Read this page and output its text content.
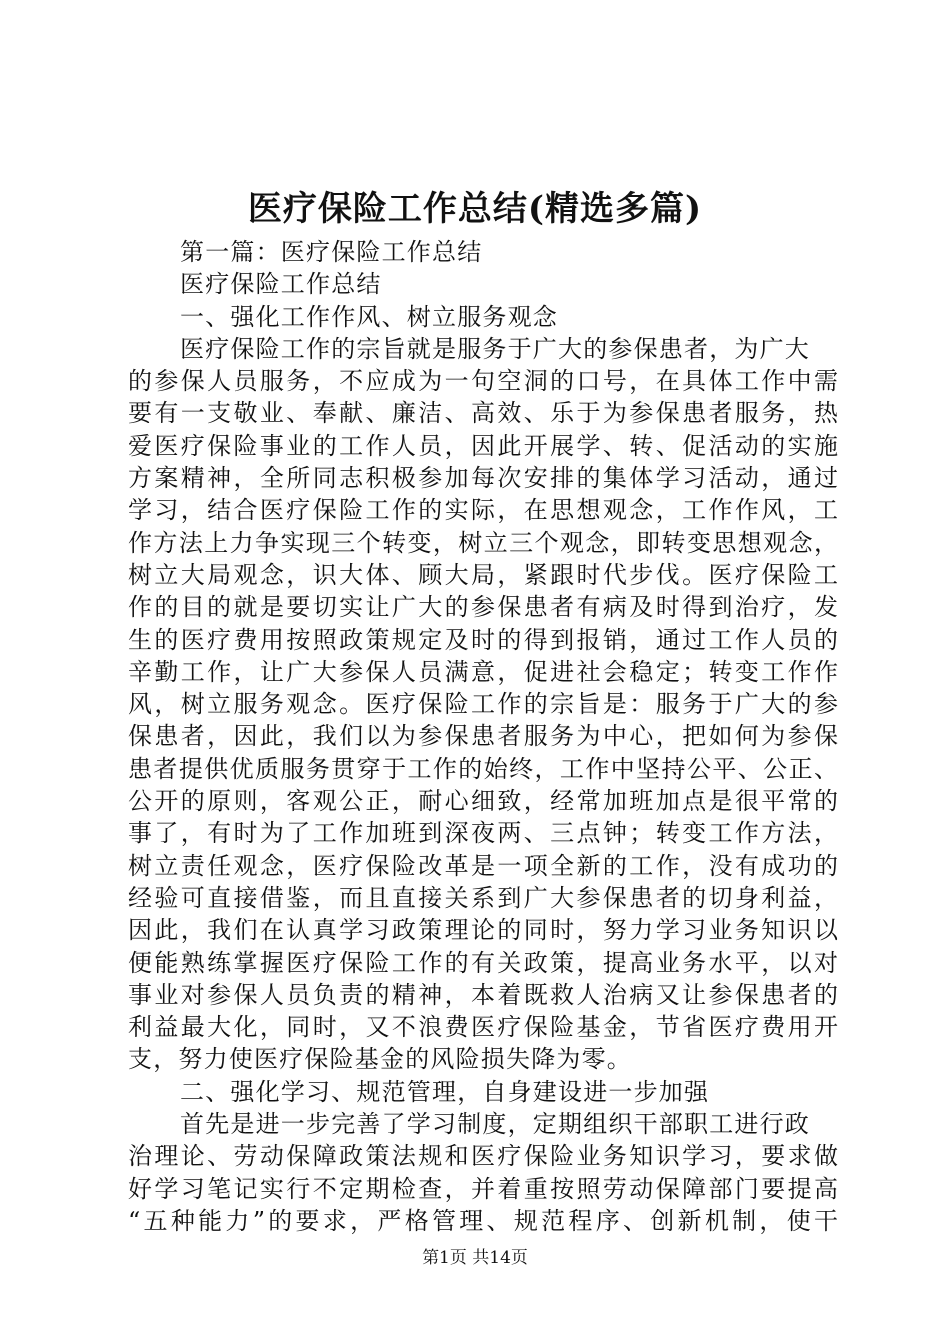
医疗保险工作总结(精选多篇)
第一篇：医疗保险工作总结
医疗保险工作总结
一、强化工作作风、树立服务观念
医疗保险工作的宗旨就是服务于广大的参保患者，为广大
的参保人员服务，不应成为一句空洞的口号，在具体工作中需
要有一支敬业、奉献、廉洁、高效、乐于为参保患者服务，热
爱医疗保险事业的工作人员，因此开展学、转、促活动的实施
方案精神，全所同志积极参加每次安排的集体学习活动，通过
学习，结合医疗保险工作的实际，在思想观念，工作作风，工
作方法上力争实现三个转变，树立三个观念，即转变思想观念，
树立大局观念，识大体、顾大局，紧跟时代步伐。医疗保险工
作的目的就是要切实让广大的参保患者有病及时得到治疗，发
生的医疗费用按照政策规定及时的得到报销，通过工作人员的
辛勤工作，让广大参保人员满意，促进社会稳定；转变工作作
风，树立服务观念。医疗保险工作的宗旨是：服务于广大的参
保患者，因此，我们以为参保患者服务为中心，把如何为参保
患者提供优质服务贯穿于工作的始终，工作中坚持公平、公正、
公开的原则，客观公正，耐心细致，经常加班加点是很平常的
事了，有时为了工作加班到深夜两、三点钟；转变工作方法，
树立责任观念，医疗保险改革是一项全新的工作，没有成功的
经验可直接借鉴，而且直接关系到广大参保患者的切身利益，
因此，我们在认真学习政策理论的同时，努力学习业务知识以
便能熟练掌握医疗保险工作的有关政策，提高业务水平，以对
事业对参保人员负责的精神，本着既救人治病又让参保患者的
利益最大化，同时，又不浪费医疗保险基金，节省医疗费用开
支，努力使医疗保险基金的风险损失降为零。
二、强化学习、规范管理，自身建设进一步加强
首先是进一步完善了学习制度，定期组织干部职工进行政
治理论、劳动保障政策法规和医疗保险业务知识学习，要求做
好学习笔记实行不定期检查，并着重按照劳动保障部门要提高
“五种能力”的要求，严格管理、规范程序、创新机制，使干
第1页 共14页
